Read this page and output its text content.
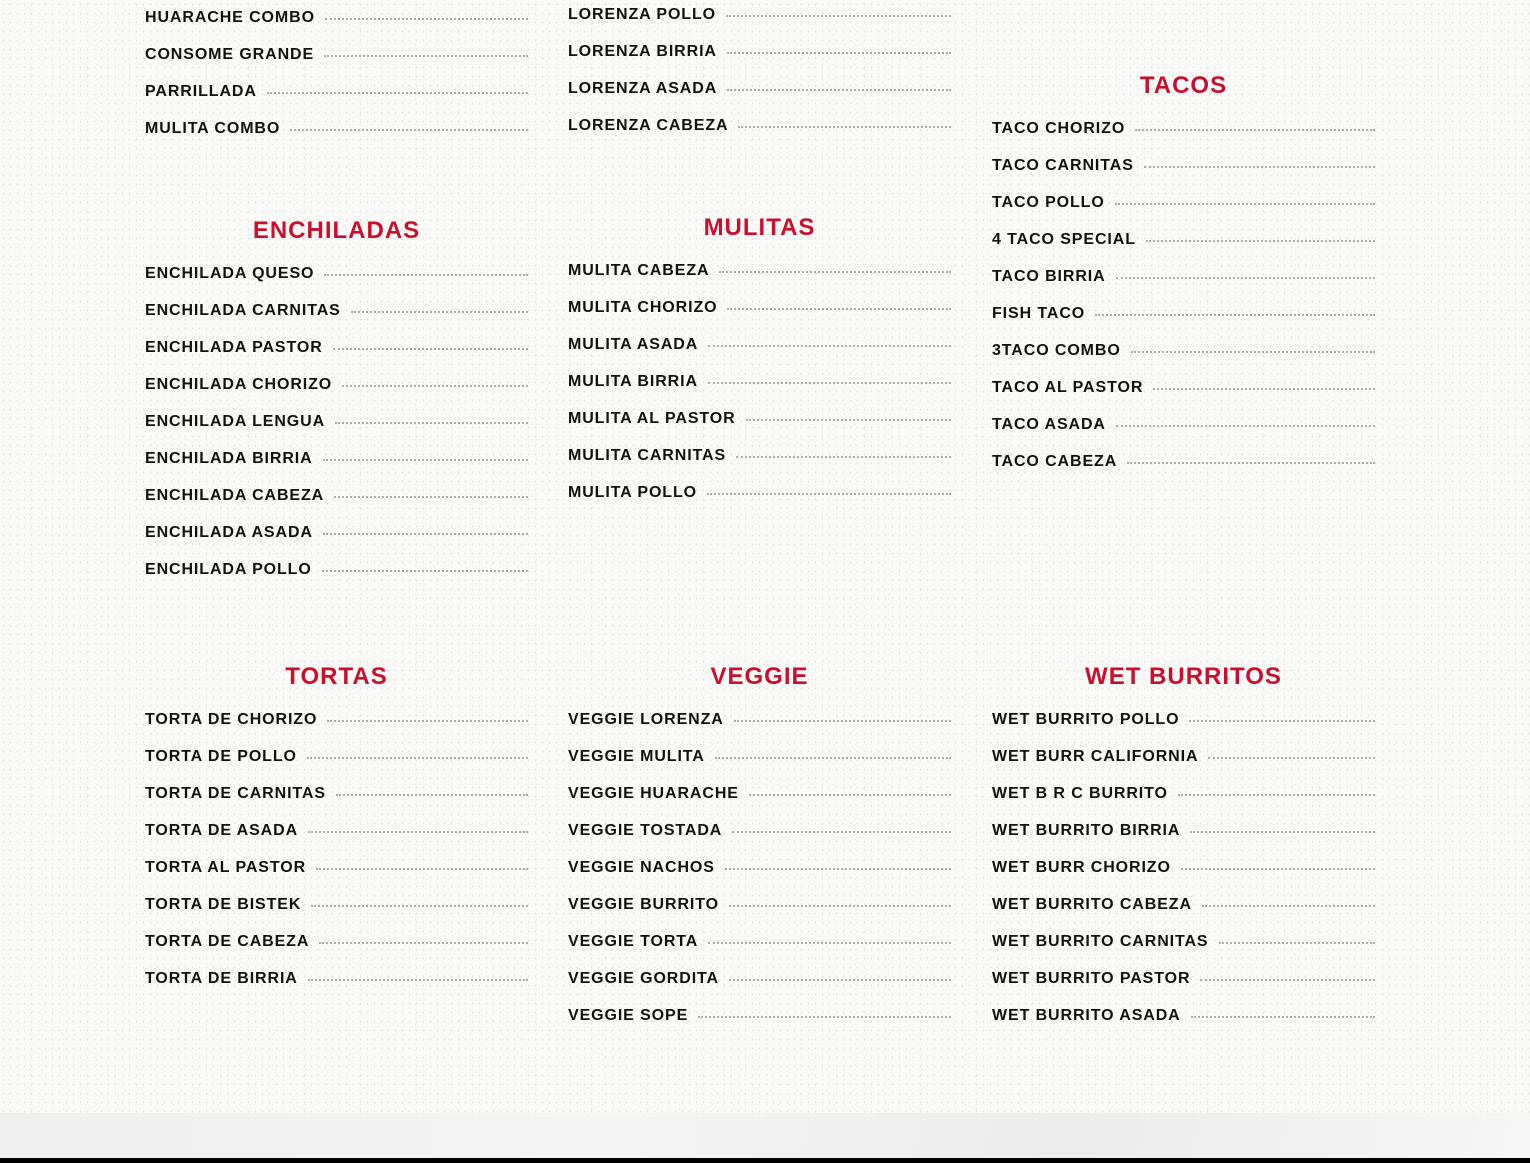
HUARACHE COMBO
CONSOME GRANDE
PARRILLADA
MULITA COMBO
LORENZA POLLO
LORENZA BIRRIA
LORENZA ASADA
LORENZA CABEZA
TACOS
TACO CHORIZO
TACO CARNITAS
TACO POLLO
4 TACO SPECIAL
TACO BIRRIA
FISH TACO
3TACO COMBO
TACO AL PASTOR
TACO ASADA
TACO CABEZA
ENCHILADAS
ENCHILADA QUESO
ENCHILADA CARNITAS
ENCHILADA PASTOR
ENCHILADA CHORIZO
ENCHILADA LENGUA
ENCHILADA BIRRIA
ENCHILADA CABEZA
ENCHILADA ASADA
ENCHILADA POLLO
MULITAS
MULITA CABEZA
MULITA CHORIZO
MULITA ASADA
MULITA BIRRIA
MULITA AL PASTOR
MULITA CARNITAS
MULITA POLLO
TORTAS
TORTA DE CHORIZO
TORTA DE POLLO
TORTA DE CARNITAS
TORTA DE ASADA
TORTA AL PASTOR
TORTA DE BISTEK
TORTA DE CABEZA
TORTA DE BIRRIA
VEGGIE
VEGGIE LORENZA
VEGGIE MULITA
VEGGIE HUARACHE
VEGGIE TOSTADA
VEGGIE NACHOS
VEGGIE BURRITO
VEGGIE TORTA
VEGGIE GORDITA
VEGGIE SOPE
WET BURRITOS
WET BURRITO POLLO
WET BURR CALIFORNIA
WET B R C BURRITO
WET BURRITO BIRRIA
WET BURR CHORIZO
WET BURRITO CABEZA
WET BURRITO CARNITAS
WET BURRITO PASTOR
WET BURRITO ASADA
